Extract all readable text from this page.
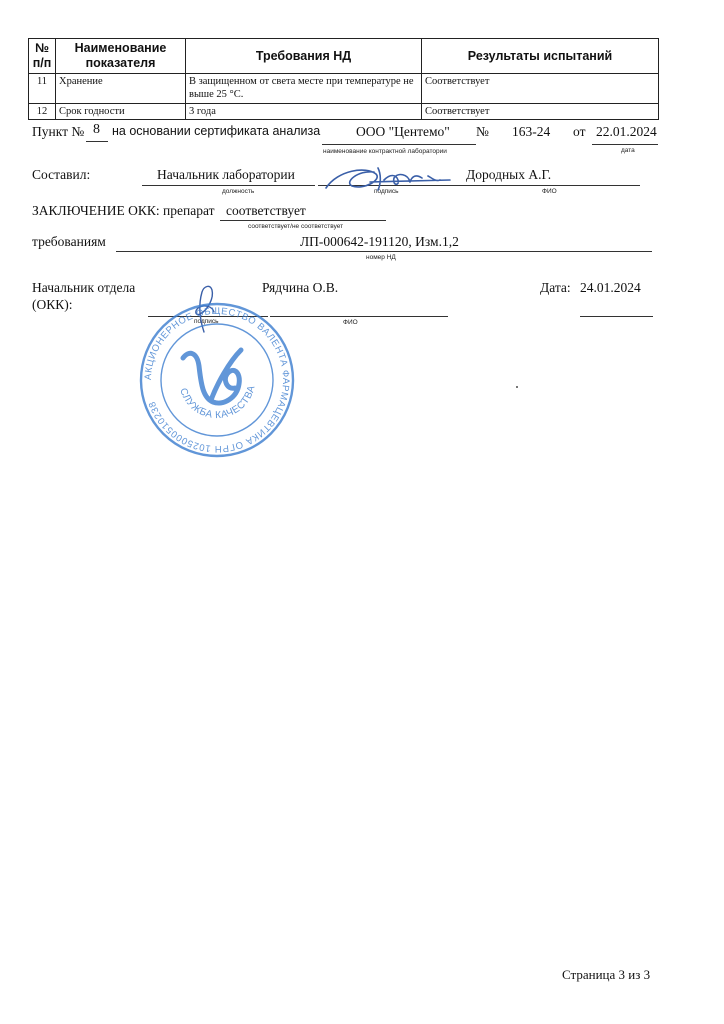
№
п/п	Наименование показателя	Требования НД	Результаты испытаний
11	Хранение	В защищенном от света месте при температуре не выше 25 °С.	Соответствует
12	Срок годности	3 года	Соответствует
Пункт № 8 на основании сертификата анализа	ООО "Центемо"
наименование контрактной лаборатории
№ 163-24 от 22.01.2024
дата
Составил:	Начальник лаборатории
должность	подпись
Дородных А.Г.
ФИО
ЗАКЛЮЧЕНИЕ ОКК: препарат соответствует
соответствует/не соответствует
требованиям	ЛП-000642-191120, Изм.1,2
номер НД
Начальник отдела
(ОКК):
Рядчина О.В.
подпись	ФИО
Дата: 24.01.2024
АКЦИОНЕРНОЕ ОБЩЕСТВО ВАЛЕНТА ФАРМАЦЕВТИКА ОГРН 1025000510238
СЛУЖБА КАЧЕСТВА
Страница 3 из 3
